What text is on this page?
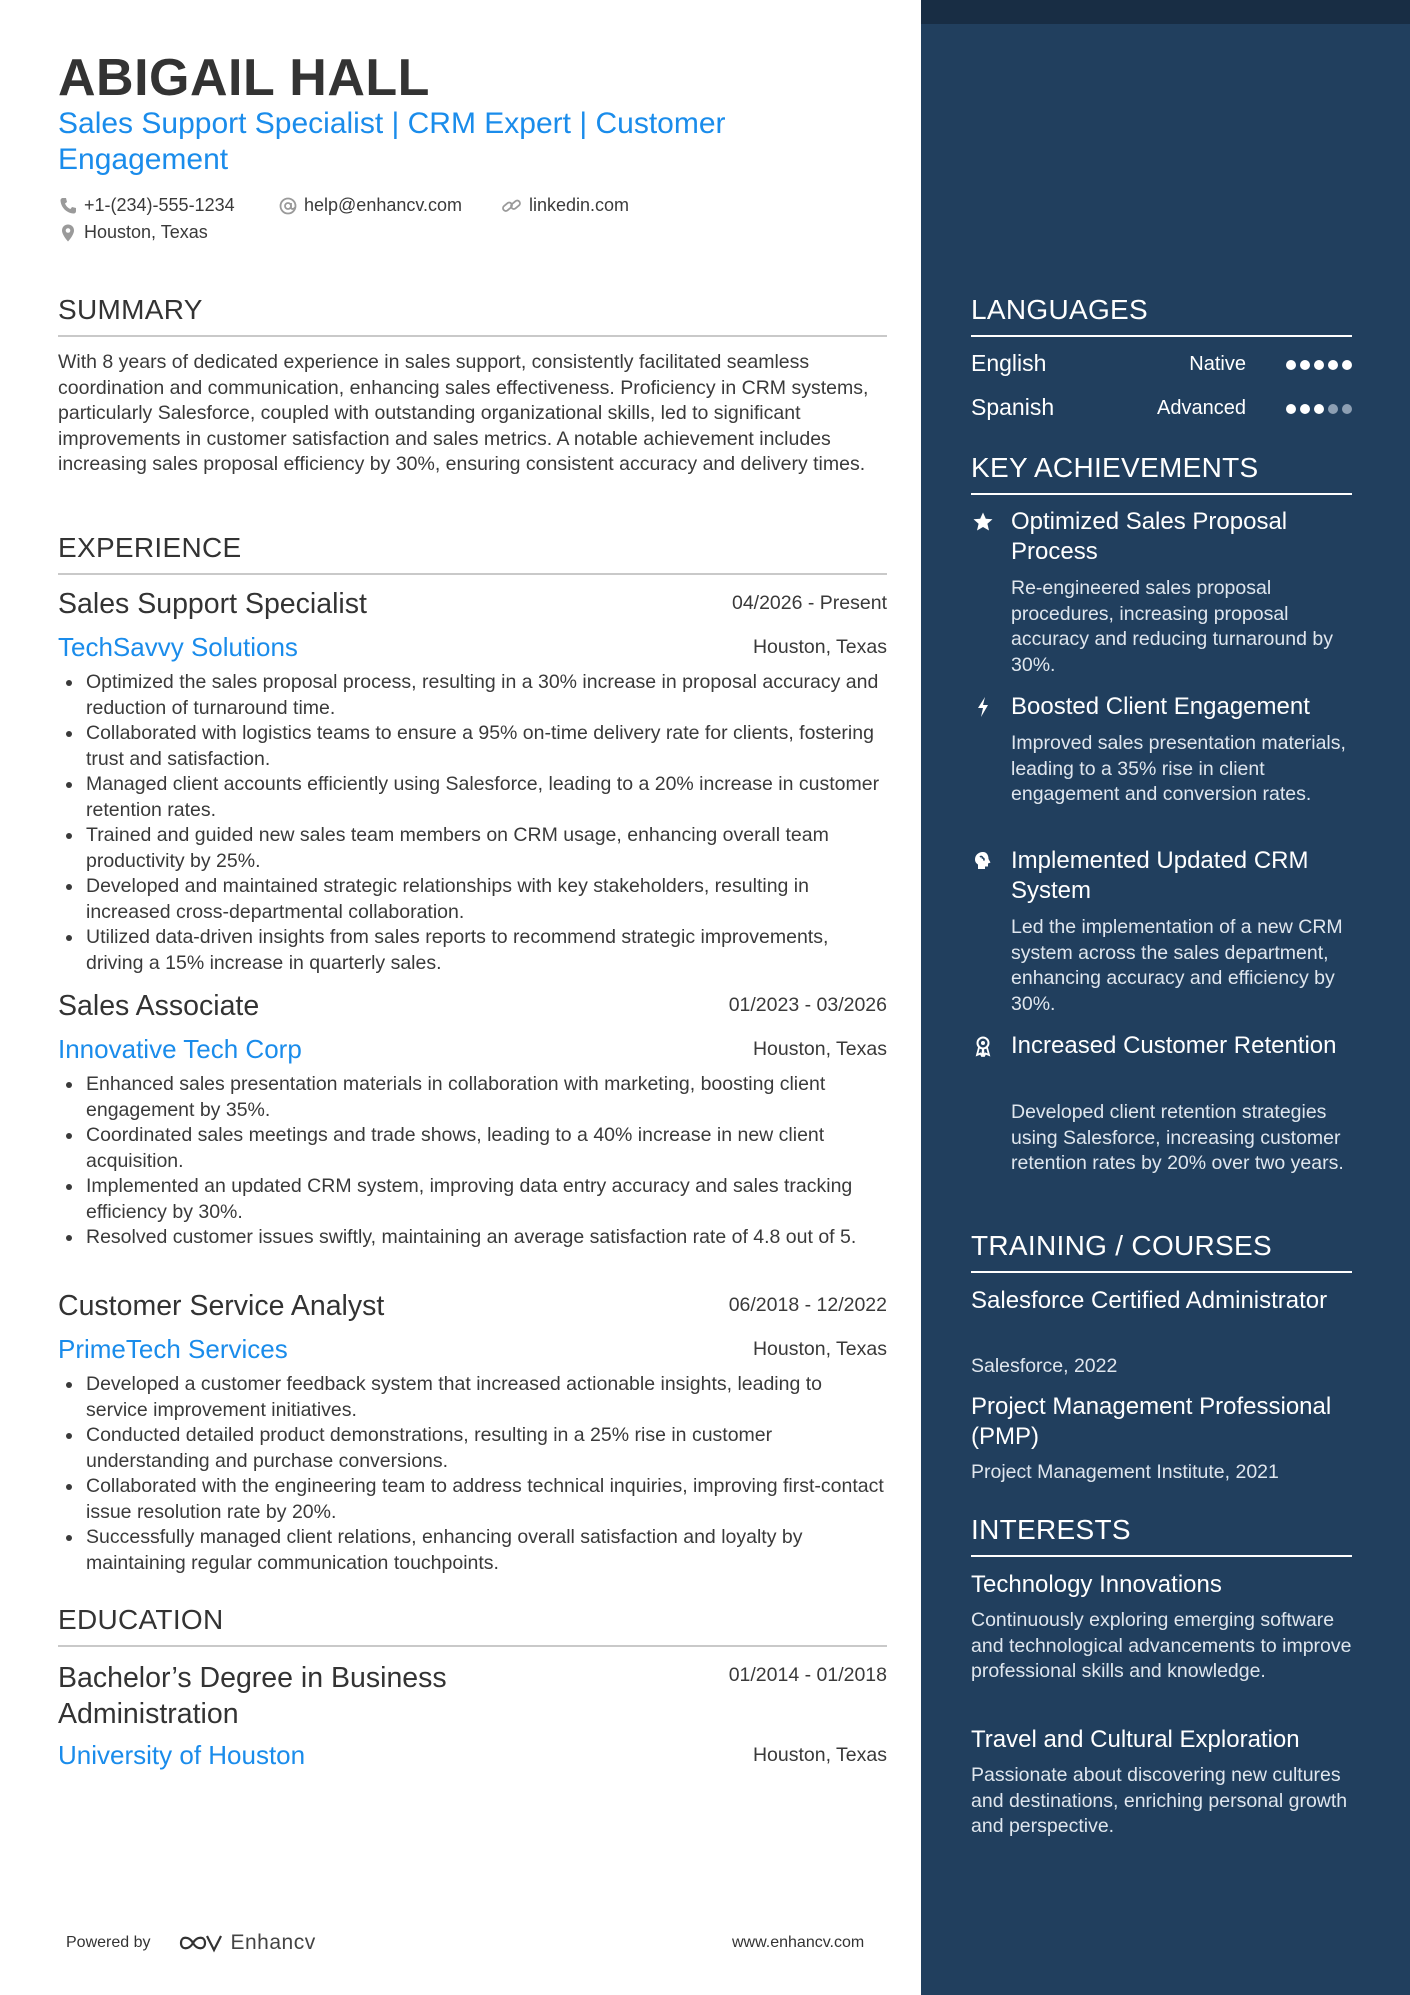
ABIGAIL HALL
Sales Support Specialist | CRM Expert | Customer Engagement
+1-(234)-555-1234	help@enhancv.com	linkedin.com
Houston, Texas
SUMMARY
With 8 years of dedicated experience in sales support, consistently facilitated seamless coordination and communication, enhancing sales effectiveness. Proficiency in CRM systems, particularly Salesforce, coupled with outstanding organizational skills, led to significant improvements in customer satisfaction and sales metrics. A notable achievement includes increasing sales proposal efficiency by 30%, ensuring consistent accuracy and delivery times.
EXPERIENCE
Sales Support Specialist	04/2026 - Present
TechSavvy Solutions	Houston, Texas
Optimized the sales proposal process, resulting in a 30% increase in proposal accuracy and reduction of turnaround time.
Collaborated with logistics teams to ensure a 95% on-time delivery rate for clients, fostering trust and satisfaction.
Managed client accounts efficiently using Salesforce, leading to a 20% increase in customer retention rates.
Trained and guided new sales team members on CRM usage, enhancing overall team productivity by 25%.
Developed and maintained strategic relationships with key stakeholders, resulting in increased cross-departmental collaboration.
Utilized data-driven insights from sales reports to recommend strategic improvements, driving a 15% increase in quarterly sales.
Sales Associate	01/2023 - 03/2026
Innovative Tech Corp	Houston, Texas
Enhanced sales presentation materials in collaboration with marketing, boosting client engagement by 35%.
Coordinated sales meetings and trade shows, leading to a 40% increase in new client acquisition.
Implemented an updated CRM system, improving data entry accuracy and sales tracking efficiency by 30%.
Resolved customer issues swiftly, maintaining an average satisfaction rate of 4.8 out of 5.
Customer Service Analyst	06/2018 - 12/2022
PrimeTech Services	Houston, Texas
Developed a customer feedback system that increased actionable insights, leading to service improvement initiatives.
Conducted detailed product demonstrations, resulting in a 25% rise in customer understanding and purchase conversions.
Collaborated with the engineering team to address technical inquiries, improving first-contact issue resolution rate by 20%.
Successfully managed client relations, enhancing overall satisfaction and loyalty by maintaining regular communication touchpoints.
EDUCATION
Bachelor’s Degree in Business Administration
01/2014 - 01/2018
University of Houston	Houston, Texas
Powered by	Enhancv	www.enhancv.com
LANGUAGES
English	Native
Spanish	Advanced
KEY ACHIEVEMENTS
Optimized Sales Proposal Process
Re-engineered sales proposal procedures, increasing proposal accuracy and reducing turnaround by 30%.
Boosted Client Engagement
Improved sales presentation materials, leading to a 35% rise in client engagement and conversion rates.
Implemented Updated CRM System
Led the implementation of a new CRM system across the sales department, enhancing accuracy and efficiency by 30%.
Increased Customer Retention
Developed client retention strategies using Salesforce, increasing customer retention rates by 20% over two years.
TRAINING / COURSES
Salesforce Certified Administrator
Salesforce, 2022
Project Management Professional (PMP)
Project Management Institute, 2021
INTERESTS
Technology Innovations
Continuously exploring emerging software and technological advancements to improve professional skills and knowledge.
Travel and Cultural Exploration
Passionate about discovering new cultures and destinations, enriching personal growth and perspective.
